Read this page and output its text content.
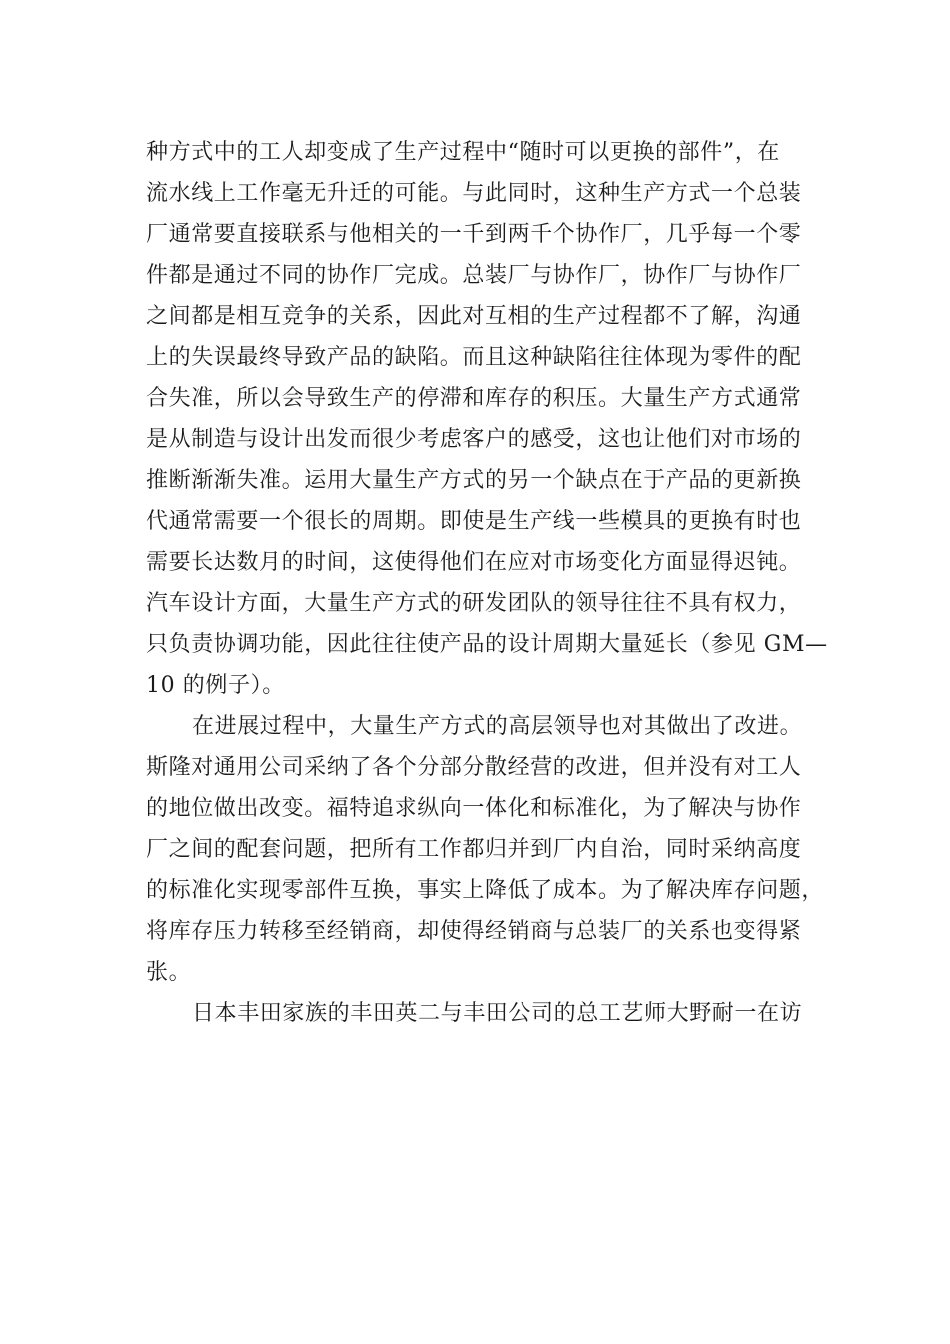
种方式中的工人却变成了生产过程中“随时可以更换的部件”，在
流水线上工作毫无升迁的可能。与此同时，这种生产方式一个总装
厂通常要直接联系与他相关的一千到两千个协作厂，几乎每一个零
件都是通过不同的协作厂完成。总装厂与协作厂，协作厂与协作厂
之间都是相互竞争的关系，因此对互相的生产过程都不了解，沟通
上的失误最终导致产品的缺陷。而且这种缺陷往往体现为零件的配
合失准，所以会导致生产的停滞和库存的积压。大量生产方式通常
是从制造与设计出发而很少考虑客户的感受，这也让他们对市场的
推断渐渐失准。运用大量生产方式的另一个缺点在于产品的更新换
代通常需要一个很长的周期。即使是生产线一些模具的更换有时也
需要长达数月的时间，这使得他们在应对市场变化方面显得迟钝。
汽车设计方面，大量生产方式的研发团队的领导往往不具有权力，
只负责协调功能，因此往往使产品的设计周期大量延长（参见 GM—
10 的例子）。
在进展过程中，大量生产方式的高层领导也对其做出了改进。
斯隆对通用公司采纳了各个分部分散经营的改进，但并没有对工人
的地位做出改变。福特追求纵向一体化和标准化，为了解决与协作
厂之间的配套问题，把所有工作都归并到厂内自治，同时采纳高度
的标准化实现零部件互换，事实上降低了成本。为了解决库存问题，
将库存压力转移至经销商，却使得经销商与总装厂的关系也变得紧
张。
日本丰田家族的丰田英二与丰田公司的总工艺师大野耐一在访
